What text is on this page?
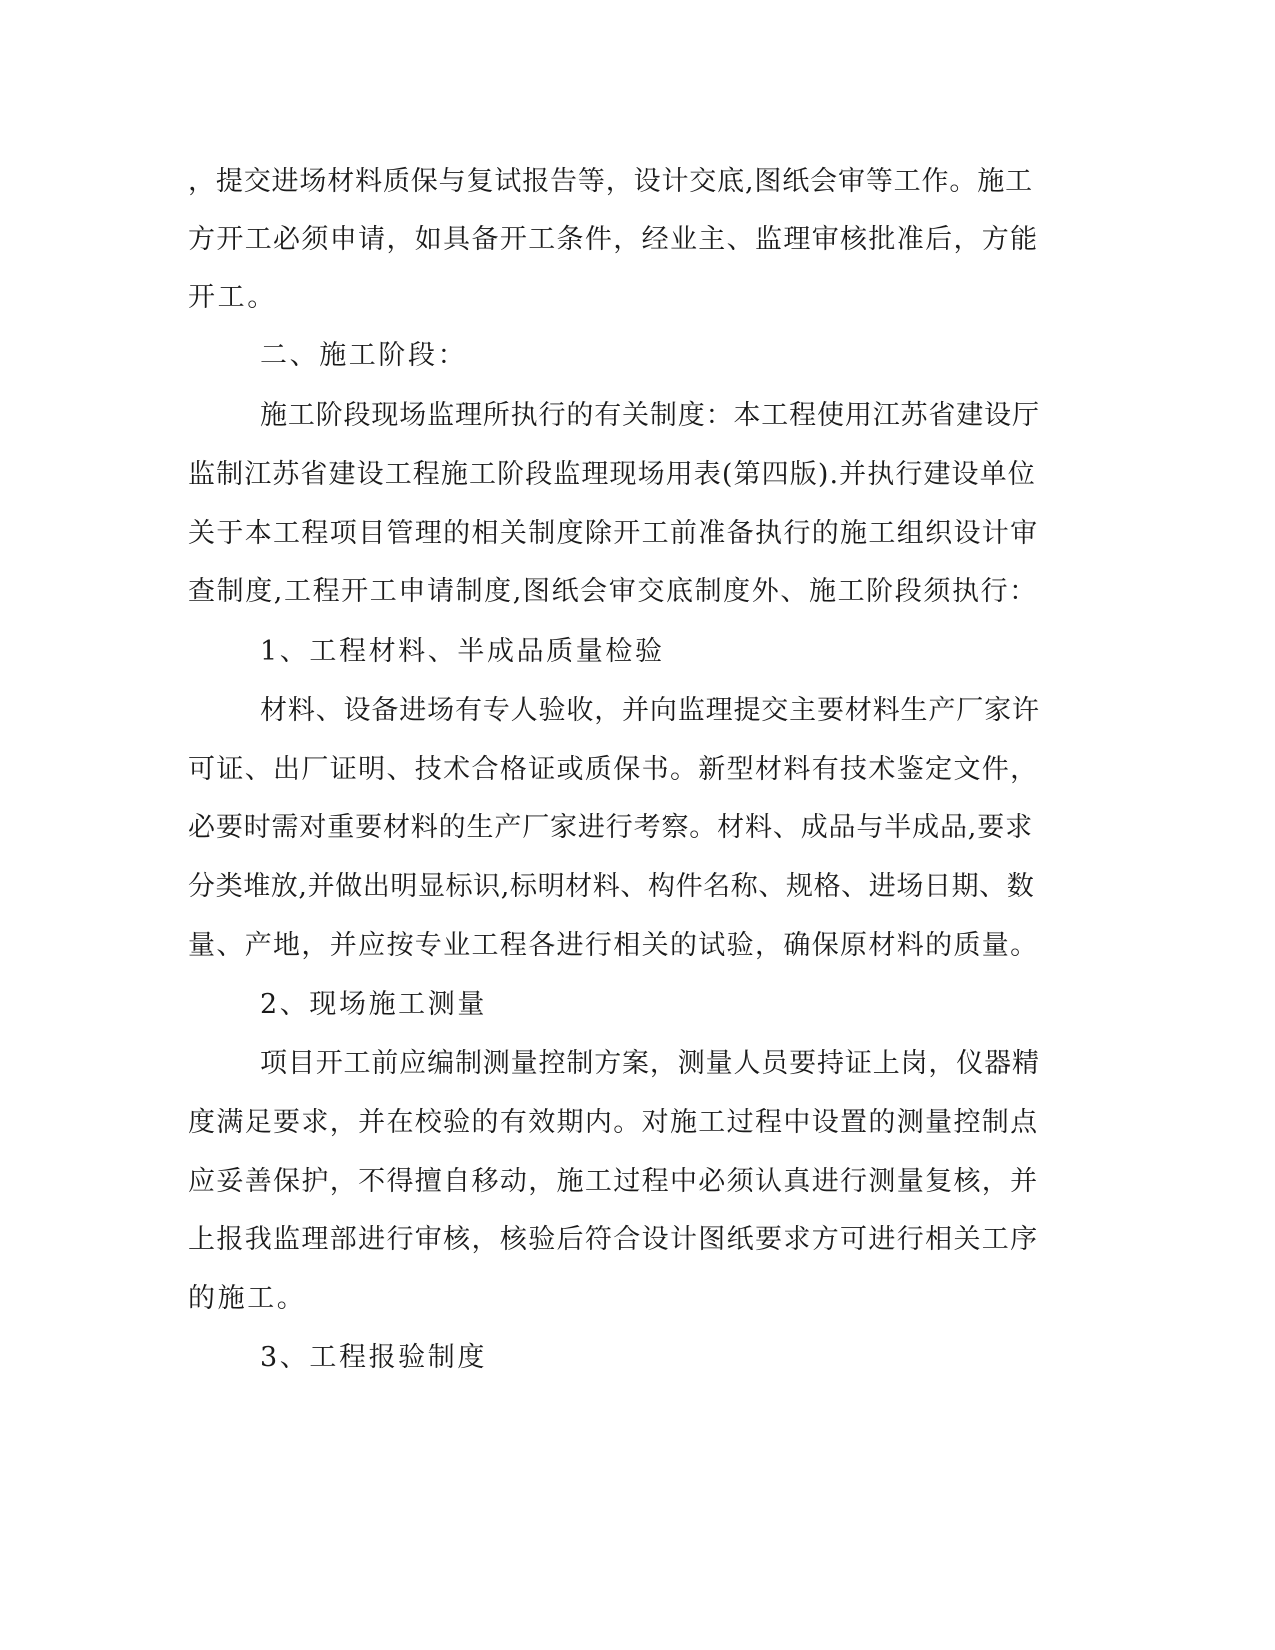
，提交进场材料质保与复试报告等，设计交底,图纸会审等工作。施工

方开工必须申请，如具备开工条件，经业主、监理审核批准后，方能

开工。

二、施工阶段：

施工阶段现场监理所执行的有关制度：本工程使用江苏省建设厅

监制江苏省建设工程施工阶段监理现场用表(第四版).并执行建设单位

关于本工程项目管理的相关制度除开工前准备执行的施工组织设计审

查制度,工程开工申请制度,图纸会审交底制度外、施工阶段须执行：

1、工程材料、半成品质量检验

材料、设备进场有专人验收，并向监理提交主要材料生产厂家许

可证、出厂证明、技术合格证或质保书。新型材料有技术鉴定文件，

必要时需对重要材料的生产厂家进行考察。材料、成品与半成品,要求

分类堆放,并做出明显标识,标明材料、构件名称、规格、进场日期、数

量、产地，并应按专业工程各进行相关的试验，确保原材料的质量。

2、现场施工测量

项目开工前应编制测量控制方案，测量人员要持证上岗，仪器精

度满足要求，并在校验的有效期内。对施工过程中设置的测量控制点

应妥善保护，不得擅自移动，施工过程中必须认真进行测量复核，并

上报我监理部进行审核，核验后符合设计图纸要求方可进行相关工序

的施工。

3、工程报验制度
